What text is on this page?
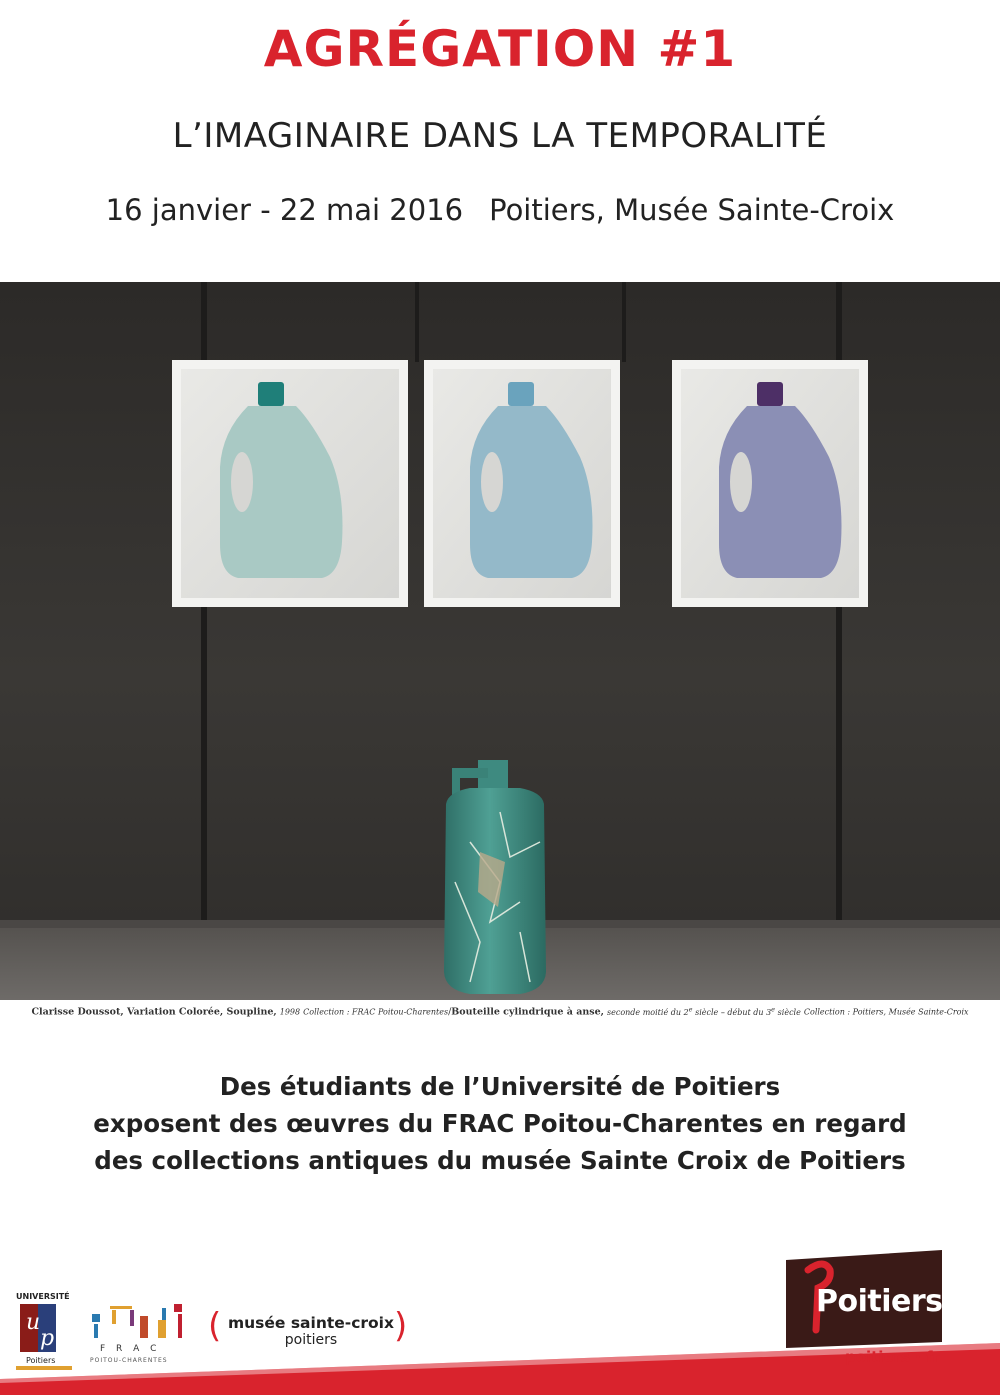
AGRÉGATION #1
L’IMAGINAIRE DANS LA TEMPORALITÉ
16 janvier - 22 mai 2016 Poitiers, Musée Sainte-Croix
Clarisse Doussot, Variation Colorée, Soupline, 1998 Collection : FRAC Poitou-Charentes/Bouteille cylindrique à anse, seconde moitié du 2e siècle – début du 3e siècle Collection : Poitiers, Musée Sainte-Croix
Des étudiants de l’Université de Poitiers
exposent des œuvres du FRAC Poitou-Charentes en regard
des collections antiques du musée Sainte Croix de Poitiers
UNIVERSITÉ
u
p
Poitiers
F R A C
POITOU-CHARENTES
( musée sainte-croix
poitiers	)
Poitiers
poitiers · fr
